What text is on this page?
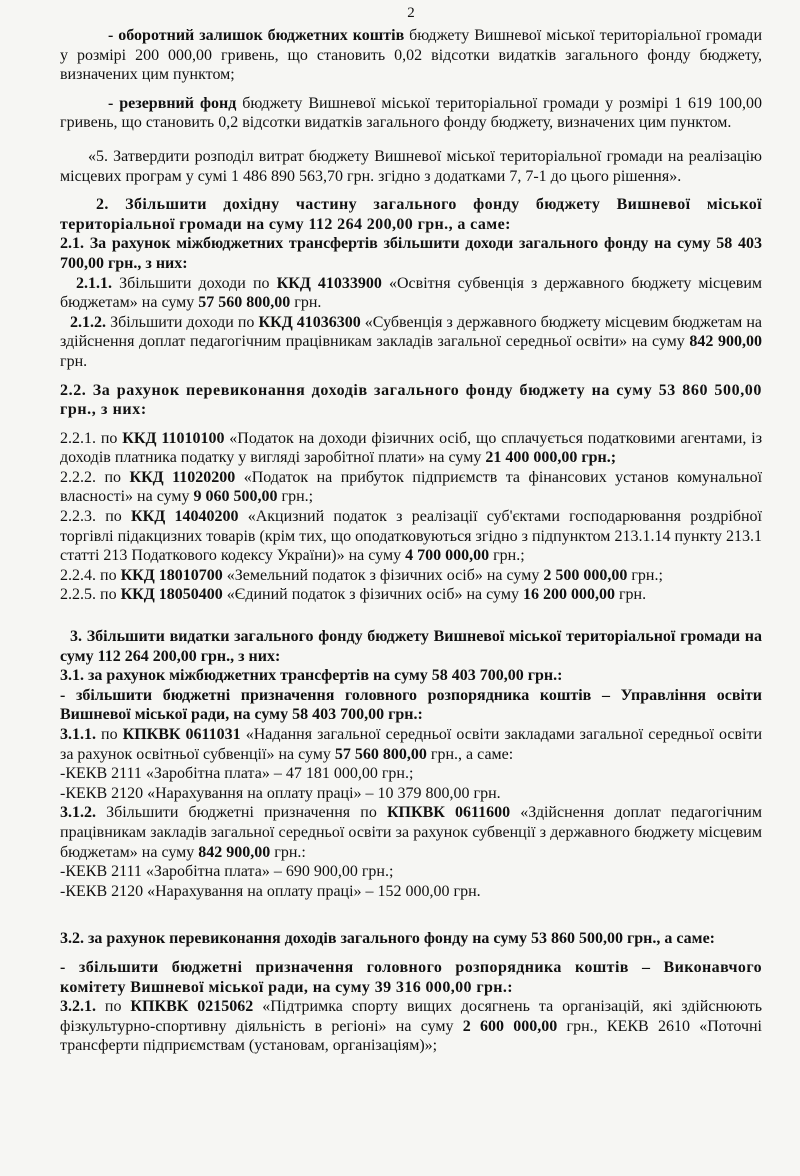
2

- оборотний залишок бюджетних коштів бюджету Вишневої міської територіальної громади у розмірі 200 000,00 гривень, що становить 0,02 відсотки видатків загального фонду бюджету, визначених цим пунктом;

- резервний фонд бюджету Вишневої міської територіальної громади у розмірі 1 619 100,00 гривень, що становить 0,2 відсотки видатків загального фонду бюджету, визначених цим пунктом.

«5. Затвердити розподіл витрат бюджету Вишневої міської територіальної громади на реалізацію місцевих програм у сумі 1 486 890 563,70 грн. згідно з додатками 7, 7-1 до цього рішення».

2. Збільшити дохідну частину загального фонду бюджету Вишневої міської територіальної громади на суму 112 264 200,00 грн., а саме:

2.1. За рахунок міжбюджетних трансфертів збільшити доходи загального фонду на суму 58 403 700,00 грн., з них:

2.1.1. Збільшити доходи по ККД 41033900 «Освітня субвенція з державного бюджету місцевим бюджетам» на суму 57 560 800,00 грн.

2.1.2. Збільшити доходи по ККД 41036300 «Субвенція з державного бюджету місцевим бюджетам на здійснення доплат педагогічним працівникам закладів загальної середньої освіти» на суму 842 900,00 грн.

2.2. За рахунок перевиконання доходів загального фонду бюджету на суму 53 860 500,00 грн., з них:

2.2.1. по ККД 11010100 «Податок на доходи фізичних осіб, що сплачується податковими агентами, із доходів платника податку у вигляді заробітної плати» на суму 21 400 000,00 грн.;

2.2.2. по ККД 11020200 «Податок на прибуток підприємств та фінансових установ комунальної власності» на суму 9 060 500,00 грн.;

2.2.3. по ККД 14040200 «Акцизний податок з реалізації суб'єктами господарювання роздрібної торгівлі підакцизних товарів (крім тих, що оподатковуються згідно з підпунктом 213.1.14 пункту 213.1 статті 213 Податкового кодексу України)» на суму 4 700 000,00 грн.;

2.2.4. по ККД 18010700 «Земельний податок з фізичних осіб» на суму 2 500 000,00 грн.;

2.2.5. по ККД 18050400 «Єдиний податок з фізичних осіб» на суму 16 200 000,00 грн.

3. Збільшити видатки загального фонду бюджету Вишневої міської територіальної громади на суму 112 264 200,00 грн., з них:

3.1. за рахунок міжбюджетних трансфертів на суму 58 403 700,00 грн.:

- збільшити бюджетні призначення головного розпорядника коштів – Управління освіти Вишневої міської ради, на суму 58 403 700,00 грн.:

3.1.1. по КПКВК 0611031 «Надання загальної середньої освіти закладами загальної середньої освіти за рахунок освітньої субвенції» на суму 57 560 800,00 грн., а саме:

-КЕКВ 2111 «Заробітна плата» – 47 181 000,00 грн.;

-КЕКВ 2120 «Нарахування на оплату праці» – 10 379 800,00 грн.

3.1.2. Збільшити бюджетні призначення по КПКВК 0611600 «Здійснення доплат педагогічним працівникам закладів загальної середньої освіти за рахунок субвенції з державного бюджету місцевим бюджетам» на суму 842 900,00 грн.:

-КЕКВ 2111 «Заробітна плата» – 690 900,00 грн.;

-КЕКВ 2120 «Нарахування на оплату праці» – 152 000,00 грн.

3.2. за рахунок перевиконання доходів загального фонду на суму 53 860 500,00 грн., а саме:

- збільшити бюджетні призначення головного розпорядника коштів – Виконавчого комітету Вишневої міської ради, на суму 39 316 000,00 грн.:

3.2.1. по КПКВК 0215062 «Підтримка спорту вищих досягнень та організацій, які здійснюють фізкультурно-спортивну діяльність в регіоні» на суму 2 600 000,00 грн., КЕКВ 2610 «Поточні трансферти підприємствам (установам, організаціям)»;
